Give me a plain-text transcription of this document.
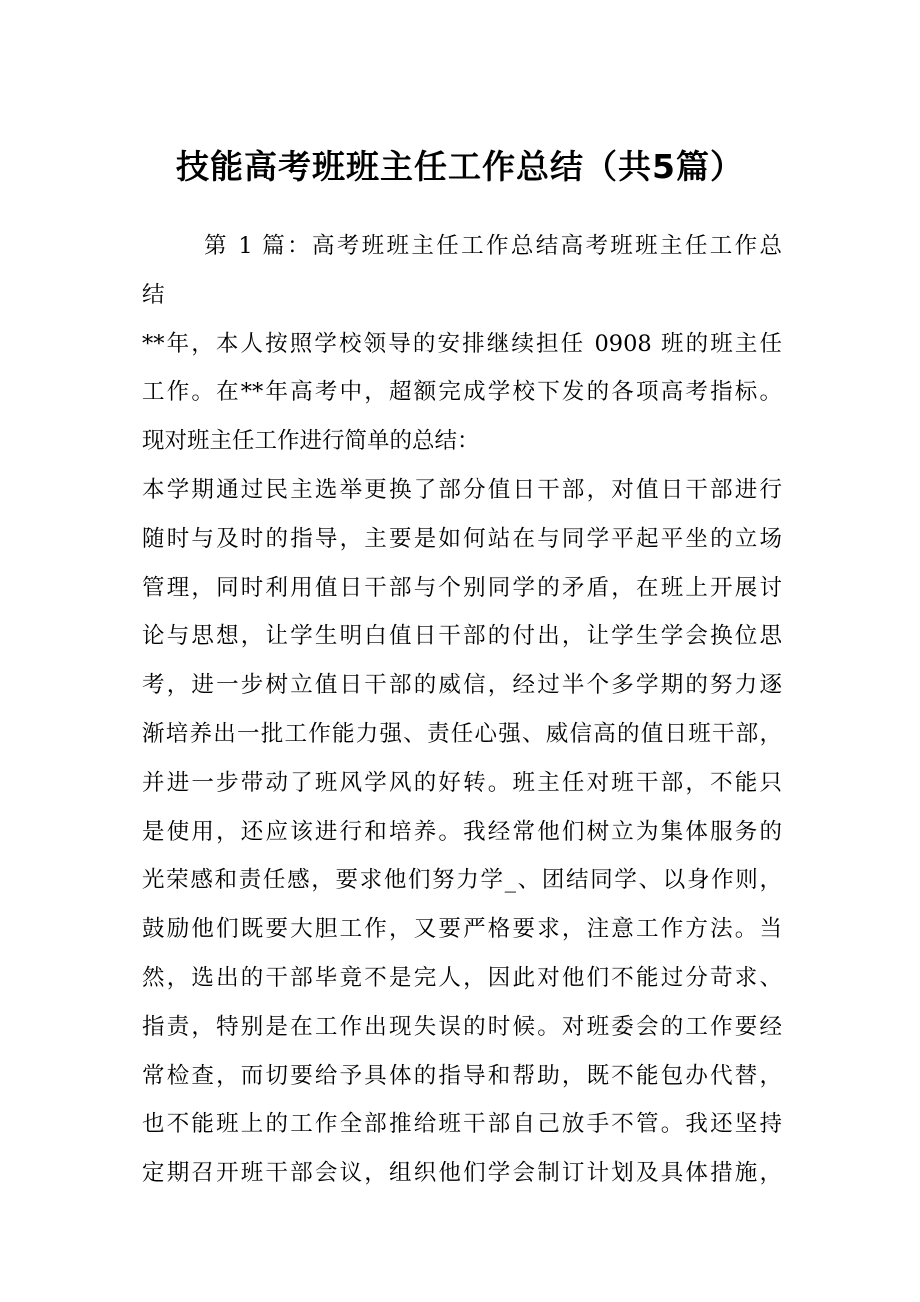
技能高考班班主任工作总结（共5篇）
第 1 篇：高考班班主任工作总结高考班班主任工作总
结
**年，本人按照学校领导的安排继续担任 0908 班的班主任
工作。在**年高考中，超额完成学校下发的各项高考指标。
现对班主任工作进行简单的总结：
本学期通过民主选举更换了部分值日干部，对值日干部进行
随时与及时的指导，主要是如何站在与同学平起平坐的立场
管理，同时利用值日干部与个别同学的矛盾，在班上开展讨
论与思想，让学生明白值日干部的付出，让学生学会换位思
考，进一步树立值日干部的威信，经过半个多学期的努力逐
渐培养出一批工作能力强、责任心强、威信高的值日班干部，
并进一步带动了班风学风的好转。班主任对班干部，不能只
是使用，还应该进行和培养。我经常他们树立为集体服务的
光荣感和责任感，要求他们努力学_、团结同学、以身作则，
鼓励他们既要大胆工作，又要严格要求，注意工作方法。当
然，选出的干部毕竟不是完人，因此对他们不能过分苛求、
指责，特别是在工作出现失误的时候。对班委会的工作要经
常检查，而切要给予具体的指导和帮助，既不能包办代替，
也不能班上的工作全部推给班干部自己放手不管。我还坚持
定期召开班干部会议，组织他们学会制订计划及具体措施，
